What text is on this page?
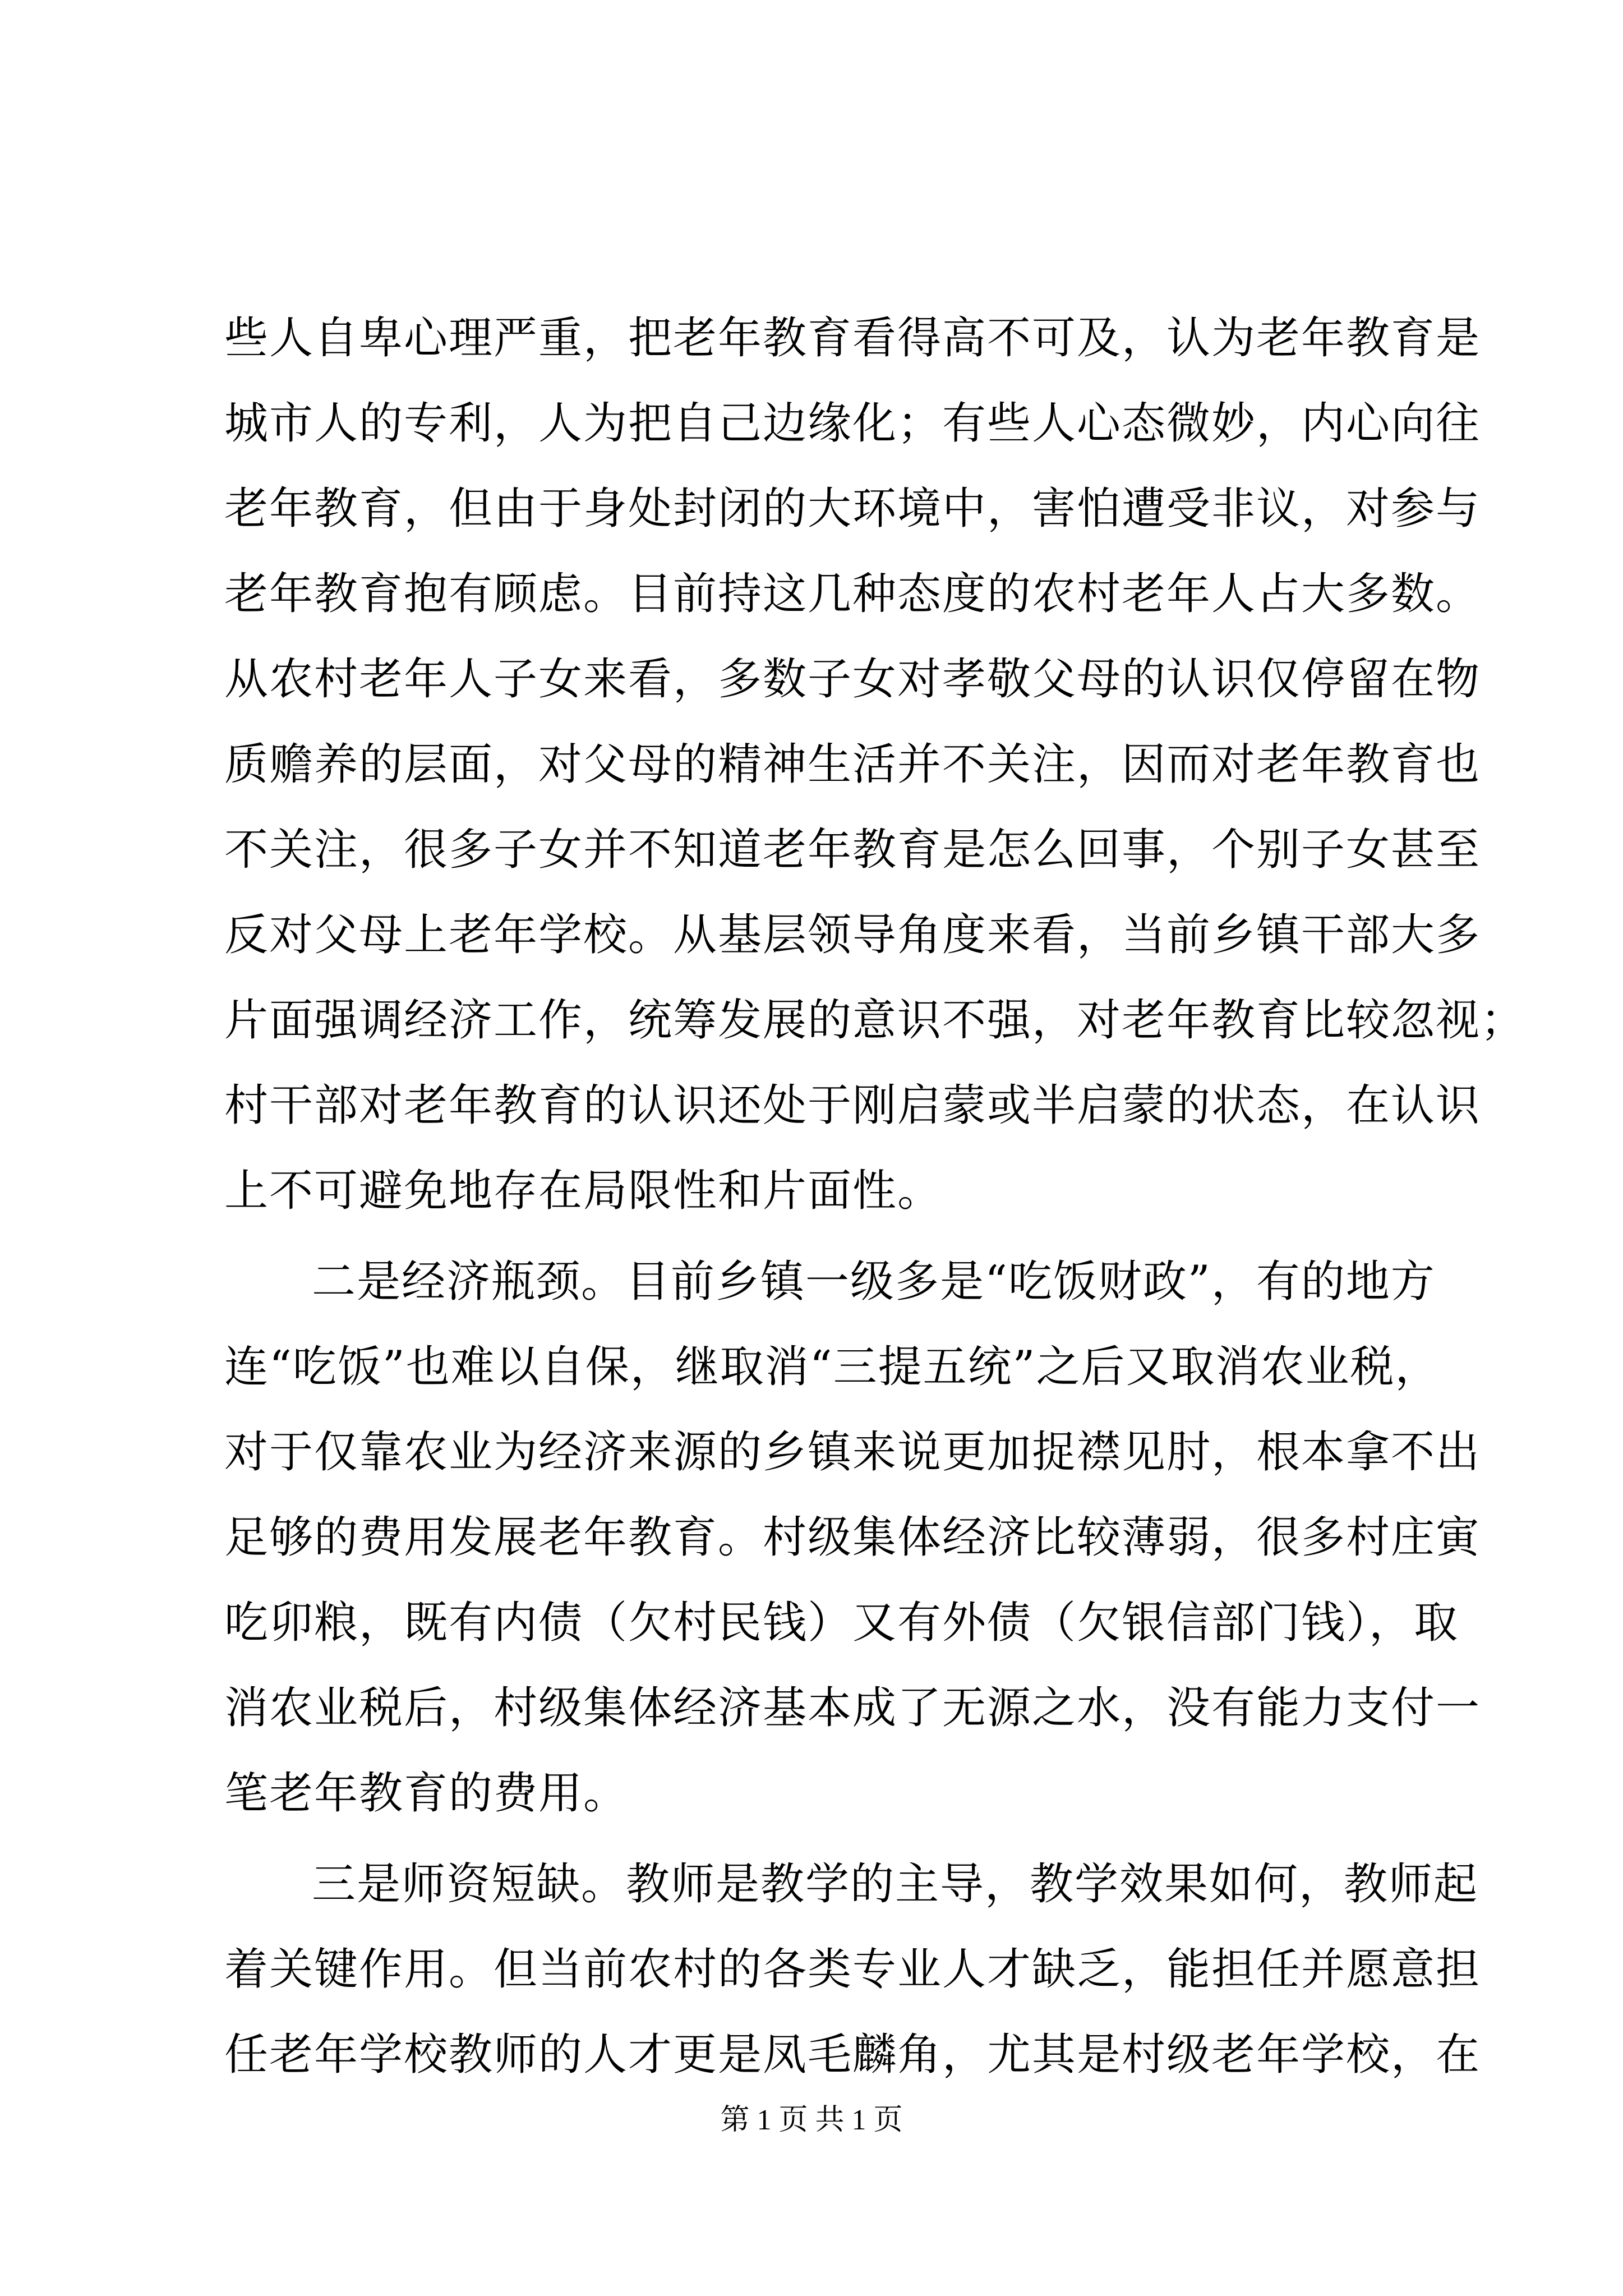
些人自卑心理严重，把老年教育看得高不可及，认为老年教育是
城市人的专利，人为把自己边缘化；有些人心态微妙，内心向往
老年教育，但由于身处封闭的大环境中，害怕遭受非议，对参与
老年教育抱有顾虑。目前持这几种态度的农村老年人占大多数。
从农村老年人子女来看，多数子女对孝敬父母的认识仅停留在物
质赡养的层面，对父母的精神生活并不关注，因而对老年教育也
不关注，很多子女并不知道老年教育是怎么回事，个别子女甚至
反对父母上老年学校。从基层领导角度来看，当前乡镇干部大多
片面强调经济工作，统筹发展的意识不强，对老年教育比较忽视；
村干部对老年教育的认识还处于刚启蒙或半启蒙的状态，在认识
上不可避免地存在局限性和片面性。
二是经济瓶颈。目前乡镇一级多是“吃饭财政”，有的地方
连“吃饭”也难以自保，继取消“三提五统”之后又取消农业税，
对于仅靠农业为经济来源的乡镇来说更加捉襟见肘，根本拿不出
足够的费用发展老年教育。村级集体经济比较薄弱，很多村庄寅
吃卯粮，既有内债（欠村民钱）又有外债（欠银信部门钱），取
消农业税后，村级集体经济基本成了无源之水，没有能力支付一
笔老年教育的费用。
三是师资短缺。教师是教学的主导，教学效果如何，教师起
着关键作用。但当前农村的各类专业人才缺乏，能担任并愿意担
任老年学校教师的人才更是凤毛麟角，尤其是村级老年学校，在
第 1 页 共 1 页
